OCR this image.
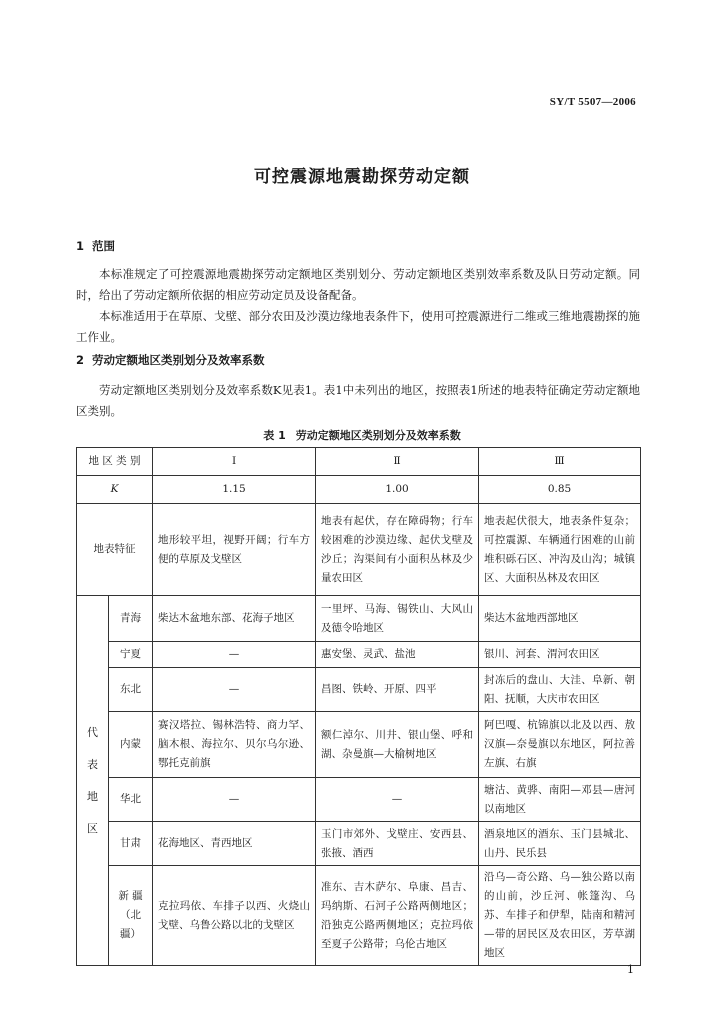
SY/T 5507—2006
可控震源地震勘探劳动定额
1 范围
本标准规定了可控震源地震勘探劳动定额地区类别划分、劳动定额地区类别效率系数及队日劳动定额。同时，给出了劳动定额所依据的相应劳动定员及设备配备。
本标准适用于在草原、戈壁、部分农田及沙漠边缘地表条件下，使用可控震源进行二维或三维地震勘探的施工作业。
2 劳动定额地区类别划分及效率系数
劳动定额地区类别划分及效率系数K见表1。表1中未列出的地区，按照表1所述的地表特征确定劳动定额地区类别。
表 1 劳动定额地区类别划分及效率系数
地 区 类 别		Ⅰ	Ⅱ	Ⅲ
K		1.15	1.00	0.85
地表特征		地形较平坦，视野开阔；行车方便的草原及戈壁区	地表有起伏，存在障碍物；行车较困难的沙漠边缘、起伏戈壁及沙丘；沟渠间有小面积丛林及少量农田区	地表起伏很大，地表条件复杂；可控震源、车辆通行困难的山前堆积砾石区、冲沟及山沟；城镇区、大面积丛林及农田区
代表地区	青海	柴达木盆地东部、花海子地区	一里坪、马海、锡铁山、大风山及德令哈地区	柴达木盆地西部地区
	宁夏	—	惠安堡、灵武、盐池	银川、河套、渭河农田区
	东北	—	昌图、铁岭、开原、四平	封冻后的盘山、大洼、阜新、朝阳、抚顺，大庆市农田区
	内蒙	赛汉塔拉、锡林浩特、商力罕、脑木根、海拉尔、贝尔乌尔逊、鄂托克前旗	额仁淖尔、川井、银山堡、呼和湖、杂曼旗—大榆树地区	阿巴嘎、杭锦旗以北及以西、敖汉旗—奈曼旗以东地区，阿拉善左旗、右旗
	华北	—	—	塘沽、黄骅、南阳—邓县—唐河以南地区
	甘肃	花海地区、青西地区	玉门市郊外、戈壁庄、安西县、张掖、酒西	酒泉地区的酒东、玉门县城北、山丹、民乐县
	新 疆（北疆）	克拉玛依、车排子以西、火烧山戈壁、乌鲁公路以北的戈壁区	准东、吉木萨尔、阜康、昌吉、玛纳斯、石河子公路两侧地区；沿独克公路两侧地区；克拉玛依至夏子公路带；乌伦古地区	沿乌—奇公路、乌—独公路以南的山前，沙丘河、帐篷沟、乌苏、车排子和伊犁，陆南和精河—带的居民区及农田区，芳草湖地区
1
